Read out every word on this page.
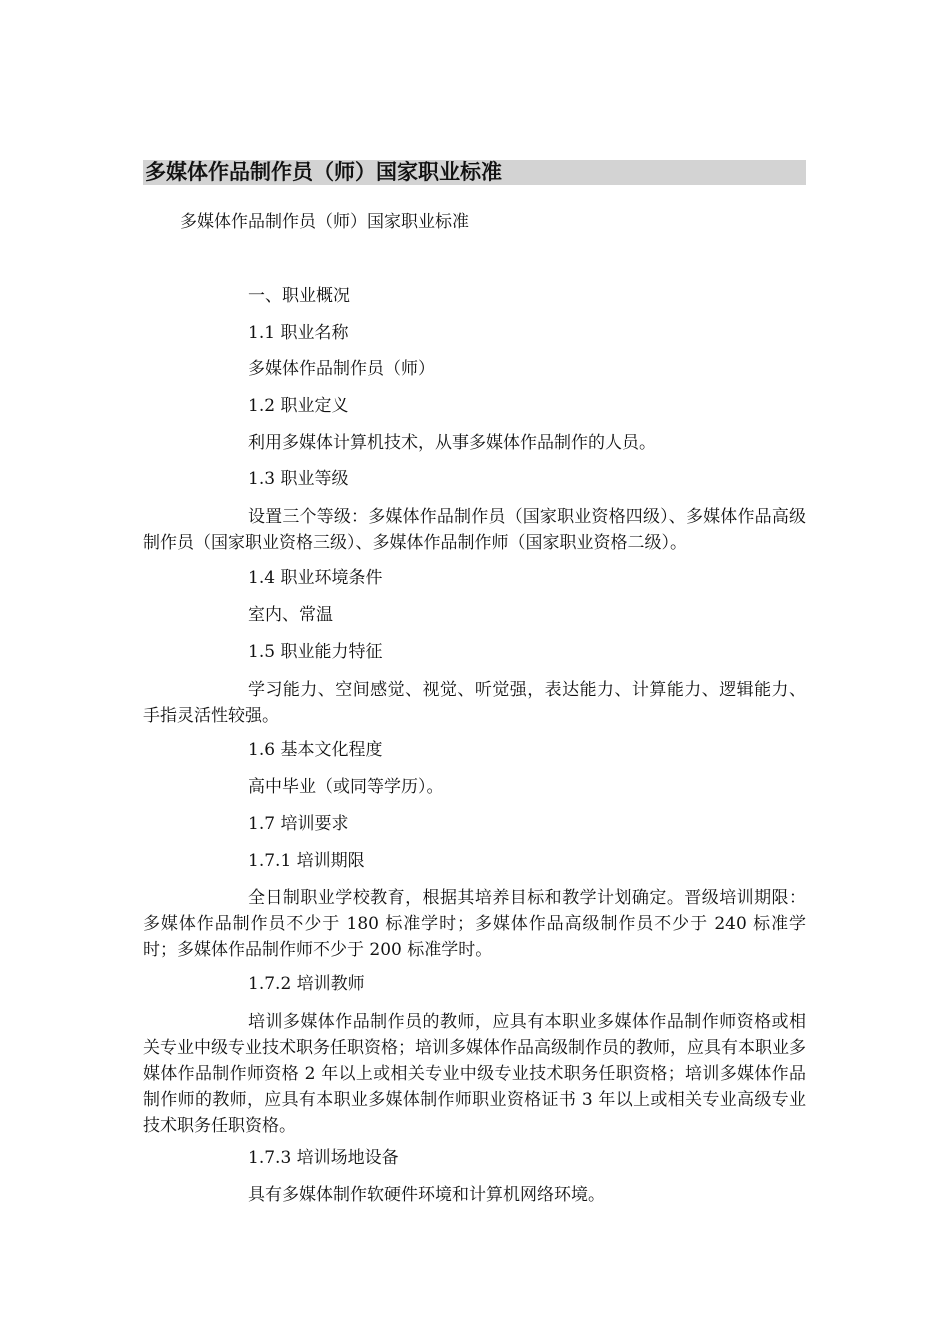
多媒体作品制作员（师）国家职业标准
多媒体作品制作员（师）国家职业标准
一、职业概况
1.1 职业名称
多媒体作品制作员（师）
1.2 职业定义
利用多媒体计算机技术，从事多媒体作品制作的人员。
1.3 职业等级

设置三个等级：多媒体作品制作员（国家职业资格四级）、多媒体作品高级制作员（国家职业资格三级）、多媒体作品制作师（国家职业资格二级）。

1.4 职业环境条件
室内、常温
1.5 职业能力特征

学习能力、空间感觉、视觉、听觉强，表达能力、计算能力、逻辑能力、手指灵活性较强。

1.6 基本文化程度
高中毕业（或同等学历）。
1.7 培训要求
1.7.1 培训期限

全日制职业学校教育，根据其培养目标和教学计划确定。晋级培训期限：多媒体作品制作员不少于 180 标准学时；多媒体作品高级制作员不少于 240 标准学时；多媒体作品制作师不少于 200 标准学时。

1.7.2 培训教师

培训多媒体作品制作员的教师，应具有本职业多媒体作品制作师资格或相关专业中级专业技术职务任职资格；培训多媒体作品高级制作员的教师，应具有本职业多媒体作品制作师资格 2 年以上或相关专业中级专业技术职务任职资格；培训多媒体作品制作师的教师，应具有本职业多媒体制作师职业资格证书 3 年以上或相关专业高级专业技术职务任职资格。

1.7.3 培训场地设备
具有多媒体制作软硬件环境和计算机网络环境。
